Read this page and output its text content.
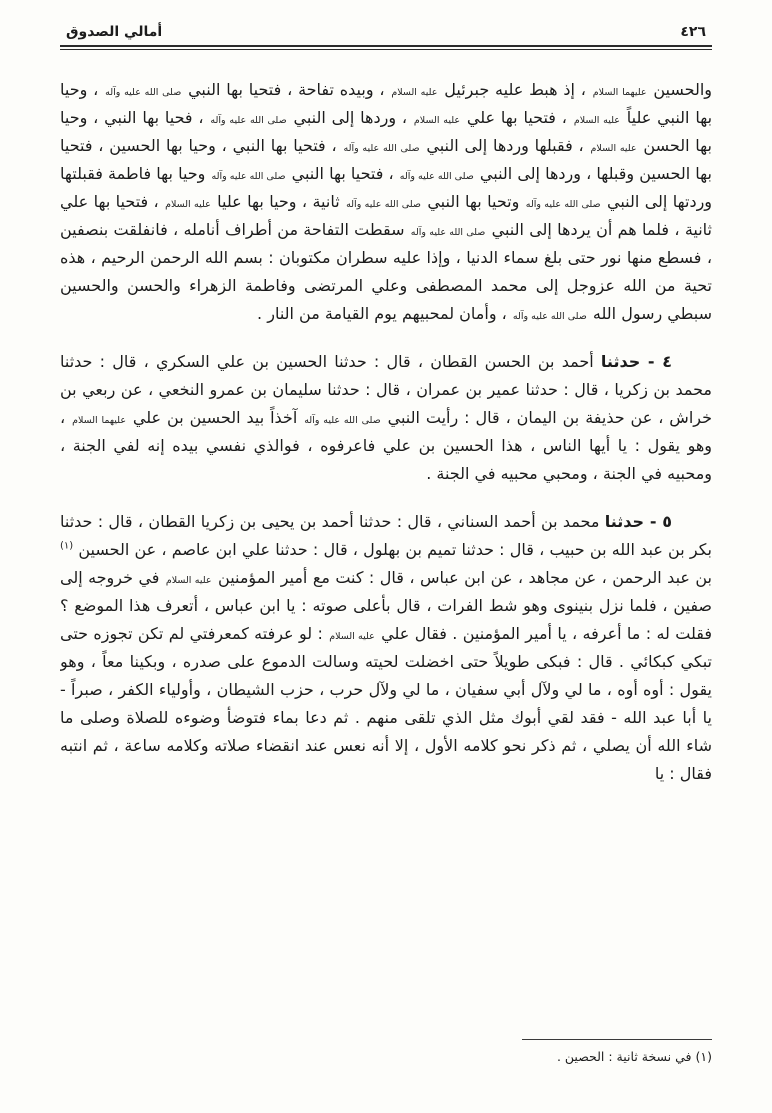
٤٢٦
أمالي الصدوق

والحسين عليهما السلام ، إذ هبط عليه جبرئيل عليه السلام ، وبيده تفاحة ، فتحيا بها النبي صلى الله عليه وآله ، وحيا بها النبي علياً عليه السلام ، فتحيا بها علي عليه السلام ، وردها إلى النبي صلى الله عليه وآله ، فحيا بها النبي ، وحيا بها الحسن عليه السلام ، فقبلها وردها إلى النبي صلى الله عليه وآله ، فتحيا بها النبي ، وحيا بها الحسين ، فتحيا بها الحسين وقبلها ، وردها إلى النبي صلى الله عليه وآله ، فتحيا بها النبي صلى الله عليه وآله وحيا بها فاطمة فقبلتها وردتها إلى النبي صلى الله عليه وآله وتحيا بها النبي صلى الله عليه وآله ثانية ، وحيا بها عليا عليه السلام ، فتحيا بها علي ثانية ، فلما هم أن يردها إلى النبي صلى الله عليه وآله سقطت التفاحة من أطراف أنامله ، فانفلقت بنصفين ، فسطع منها نور حتى بلغ سماء الدنيا ، وإذا عليه سطران مكتوبان : بسم الله الرحمن الرحيم ، هذه تحية من الله عزوجل إلى محمد المصطفى وعلي المرتضى وفاطمة الزهراء والحسن والحسين سبطي رسول الله صلى الله عليه وآله ، وأمان لمحبيهم يوم القيامة من النار .

٤ - حدثنا أحمد بن الحسن القطان ، قال : حدثنا الحسين بن علي السكري ، قال : حدثنا محمد بن زكريا ، قال : حدثنا عمير بن عمران ، قال : حدثنا سليمان بن عمرو النخعي ، عن ربعي بن خراش ، عن حذيفة بن اليمان ، قال : رأيت النبي صلى الله عليه وآله آخذاً بيد الحسين بن علي عليهما السلام ، وهو يقول : يا أيها الناس ، هذا الحسين بن علي فاعرفوه ، فوالذي نفسي بيده إنه لفي الجنة ، ومحبيه في الجنة ، ومحبي محبيه في الجنة .

٥ - حدثنا محمد بن أحمد السناني ، قال : حدثنا أحمد بن يحيى بن زكريا القطان ، قال : حدثنا بكر بن عبد الله بن حبيب ، قال : حدثنا تميم بن بهلول ، قال : حدثنا علي ابن عاصم ، عن الحسين $^{(١)}$ بن عبد الرحمن ، عن مجاهد ، عن ابن عباس ، قال : كنت مع أمير المؤمنين عليه السلام في خروجه إلى صفين ، فلما نزل بنينوى وهو شط الفرات ، قال بأعلى صوته : يا ابن عباس ، أتعرف هذا الموضع ؟ فقلت له : ما أعرفه ، يا أمير المؤمنين . فقال علي عليه السلام : لو عرفته كمعرفتي لم تكن تجوزه حتى تبكي كبكائي . قال : فبكى طويلاً حتى اخضلت لحيته وسالت الدموع على صدره ، وبكينا معاً ، وهو يقول : أوه أوه ، ما لي ولآل أبي سفيان ، ما لي ولآل حرب ، حزب الشيطان ، وأولياء الكفر ، صبراً - يا أبا عبد الله - فقد لقي أبوك مثل الذي تلقى منهم . ثم دعا بماء فتوضأ وضوءه للصلاة وصلى ما شاء الله أن يصلي ، ثم ذكر نحو كلامه الأول ، إلا أنه نعس عند انقضاء صلاته وكلامه ساعة ، ثم انتبه فقال : يا

(١) في نسخة ثانية : الحصين .
